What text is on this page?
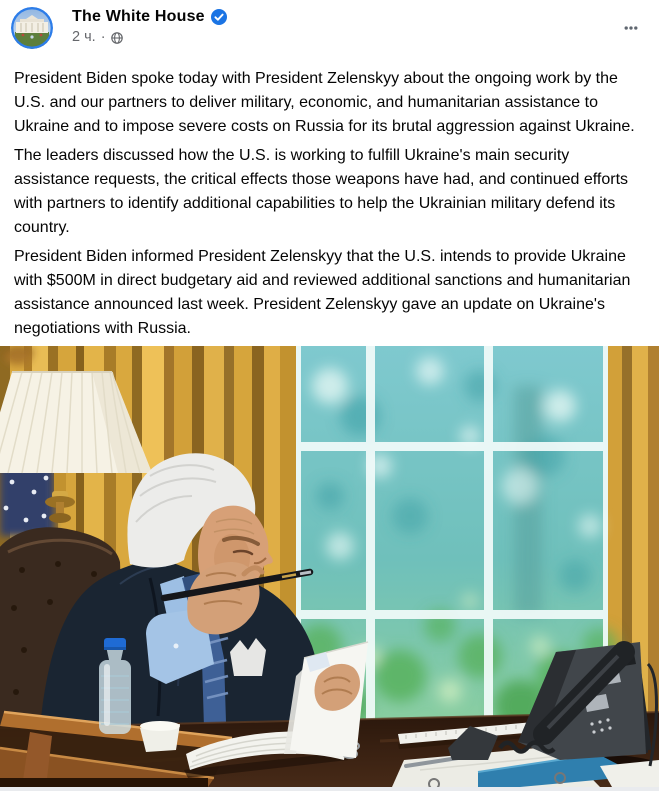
The White House
2 ч. ·

President Biden spoke today with President Zelenskyy about the ongoing work by the U.S. and our partners to deliver military, economic, and humanitarian assistance to Ukraine and to impose severe costs on Russia for its brutal aggression against Ukraine.

The leaders discussed how the U.S. is working to fulfill Ukraine's main security assistance requests, the critical effects those weapons have had, and continued efforts with partners to identify additional capabilities to help the Ukrainian military defend its country.

President Biden informed President Zelenskyy that the U.S. intends to provide Ukraine with $500M in direct budgetary aid and reviewed additional sanctions and humanitarian assistance announced last week. President Zelenskyy gave an update on Ukraine's negotiations with Russia.
